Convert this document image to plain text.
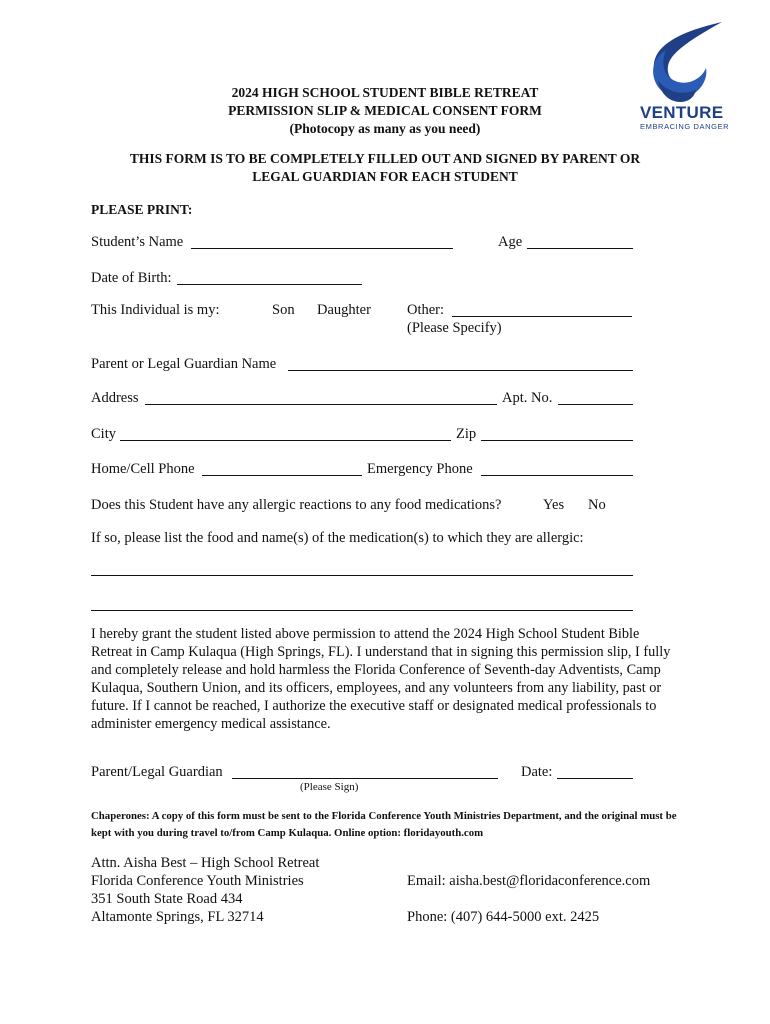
VENTURE
EMBRACING DANGER
2024 HIGH SCHOOL STUDENT BIBLE RETREAT
PERMISSION SLIP & MEDICAL CONSENT FORM
(Photocopy as many as you need)
THIS FORM IS TO BE COMPLETELY FILLED OUT AND SIGNED BY PARENT OR
LEGAL GUARDIAN FOR EACH STUDENT
PLEASE PRINT:
Student’s Name	Age
Date of Birth:
This Individual is my:	Son Daughter Other:
(Please Specify)
Parent or Legal Guardian Name
Address	Apt. No.
City	Zip
Home/Cell Phone	Emergency Phone
Does this Student have any allergic reactions to any food medications?	Yes No
If so, please list the food and name(s) of the medication(s) to which they are allergic:
I hereby grant the student listed above permission to attend the 2024 High School Student Bible Retreat in Camp Kulaqua (High Springs, FL). I understand that in signing this permission slip, I fully and completely release and hold harmless the Florida Conference of Seventh-day Adventists, Camp Kulaqua, Southern Union, and its officers, employees, and any volunteers from any liability, past or future. If I cannot be reached, I authorize the executive staff or designated medical professionals to administer emergency medical assistance.
Parent/Legal Guardian
(Please Sign)
Date:
Chaperones: A copy of this form must be sent to the Florida Conference Youth Ministries Department, and the original must be kept with you during travel to/from Camp Kulaqua. Online option: floridayouth.com
Attn. Aisha Best – High School Retreat
Florida Conference Youth Ministries
351 South State Road 434
Altamonte Springs, FL 32714
Email: aisha.best@floridaconference.com
Phone: (407) 644-5000 ext. 2425
